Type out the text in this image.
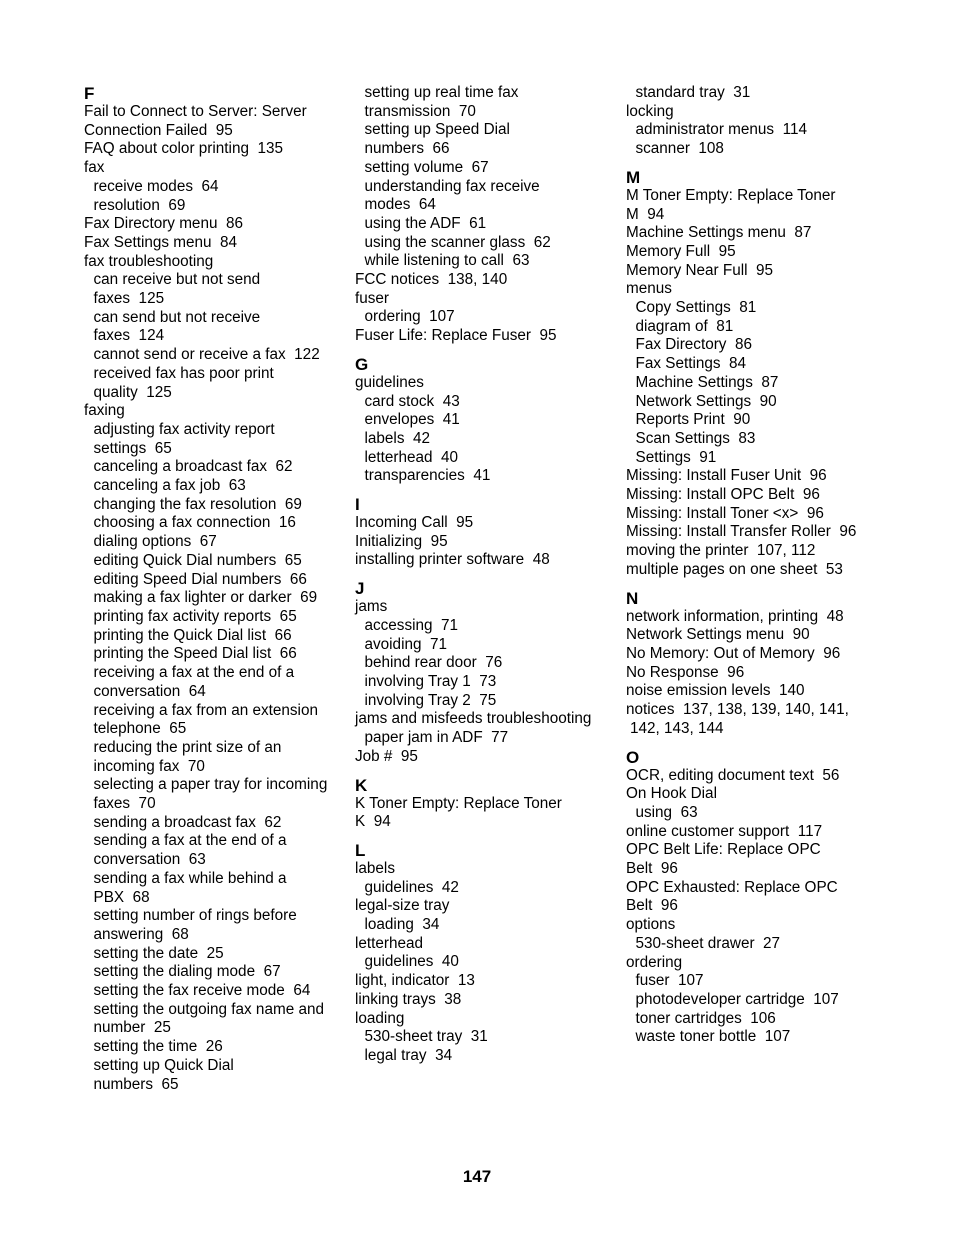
F
Fail to Connect to Server: Server
Connection Failed  95
FAQ about color printing  135
fax
receive modes  64
resolution  69
Fax Directory menu  86
Fax Settings menu  84
fax troubleshooting
can receive but not send
faxes  125
can send but not receive
faxes  124
cannot send or receive a fax  122
received fax has poor print
quality  125
faxing
adjusting fax activity report
settings  65
canceling a broadcast fax  62
canceling a fax job  63
changing the fax resolution  69
choosing a fax connection  16
dialing options  67
editing Quick Dial numbers  65
editing Speed Dial numbers  66
making a fax lighter or darker  69
printing fax activity reports  65
printing the Quick Dial list  66
printing the Speed Dial list  66
receiving a fax at the end of a
conversation  64
receiving a fax from an extension
telephone  65
reducing the print size of an
incoming fax  70
selecting a paper tray for incoming
faxes  70
sending a broadcast fax  62
sending a fax at the end of a
conversation  63
sending a fax while behind a
PBX  68
setting number of rings before
answering  68
setting the date  25
setting the dialing mode  67
setting the fax receive mode  64
setting the outgoing fax name and
number  25
setting the time  26
setting up Quick Dial
numbers  65
setting up real time fax
transmission  70
setting up Speed Dial
numbers  66
setting volume  67
understanding fax receive
modes  64
using the ADF  61
using the scanner glass  62
while listening to call  63
FCC notices  138, 140
fuser
ordering  107
Fuser Life: Replace Fuser  95
G
guidelines
card stock  43
envelopes  41
labels  42
letterhead  40
transparencies  41
I
Incoming Call  95
Initializing  95
installing printer software  48
J
jams
accessing  71
avoiding  71
behind rear door  76
involving Tray 1  73
involving Tray 2  75
jams and misfeeds troubleshooting
paper jam in ADF  77
Job #  95
K
K Toner Empty: Replace Toner
K  94
L
labels
guidelines  42
legal-size tray
loading  34
letterhead
guidelines  40
light, indicator  13
linking trays  38
loading
530-sheet tray  31
legal tray  34
standard tray  31
locking
administrator menus  114
scanner  108
M
M Toner Empty: Replace Toner
M  94
Machine Settings menu  87
Memory Full  95
Memory Near Full  95
menus
Copy Settings  81
diagram of  81
Fax Directory  86
Fax Settings  84
Machine Settings  87
Network Settings  90
Reports Print  90
Scan Settings  83
Settings  91
Missing: Install Fuser Unit  96
Missing: Install OPC Belt  96
Missing: Install Toner <x>  96
Missing: Install Transfer Roller  96
moving the printer  107, 112
multiple pages on one sheet  53
N
network information, printing  48
Network Settings menu  90
No Memory: Out of Memory  96
No Response  96
noise emission levels  140
notices  137, 138, 139, 140, 141,
142, 143, 144
O
OCR, editing document text  56
On Hook Dial
using  63
online customer support  117
OPC Belt Life: Replace OPC
Belt  96
OPC Exhausted: Replace OPC
Belt  96
options
530-sheet drawer  27
ordering
fuser  107
photodeveloper cartridge  107
toner cartridges  106
waste toner bottle  107
147
